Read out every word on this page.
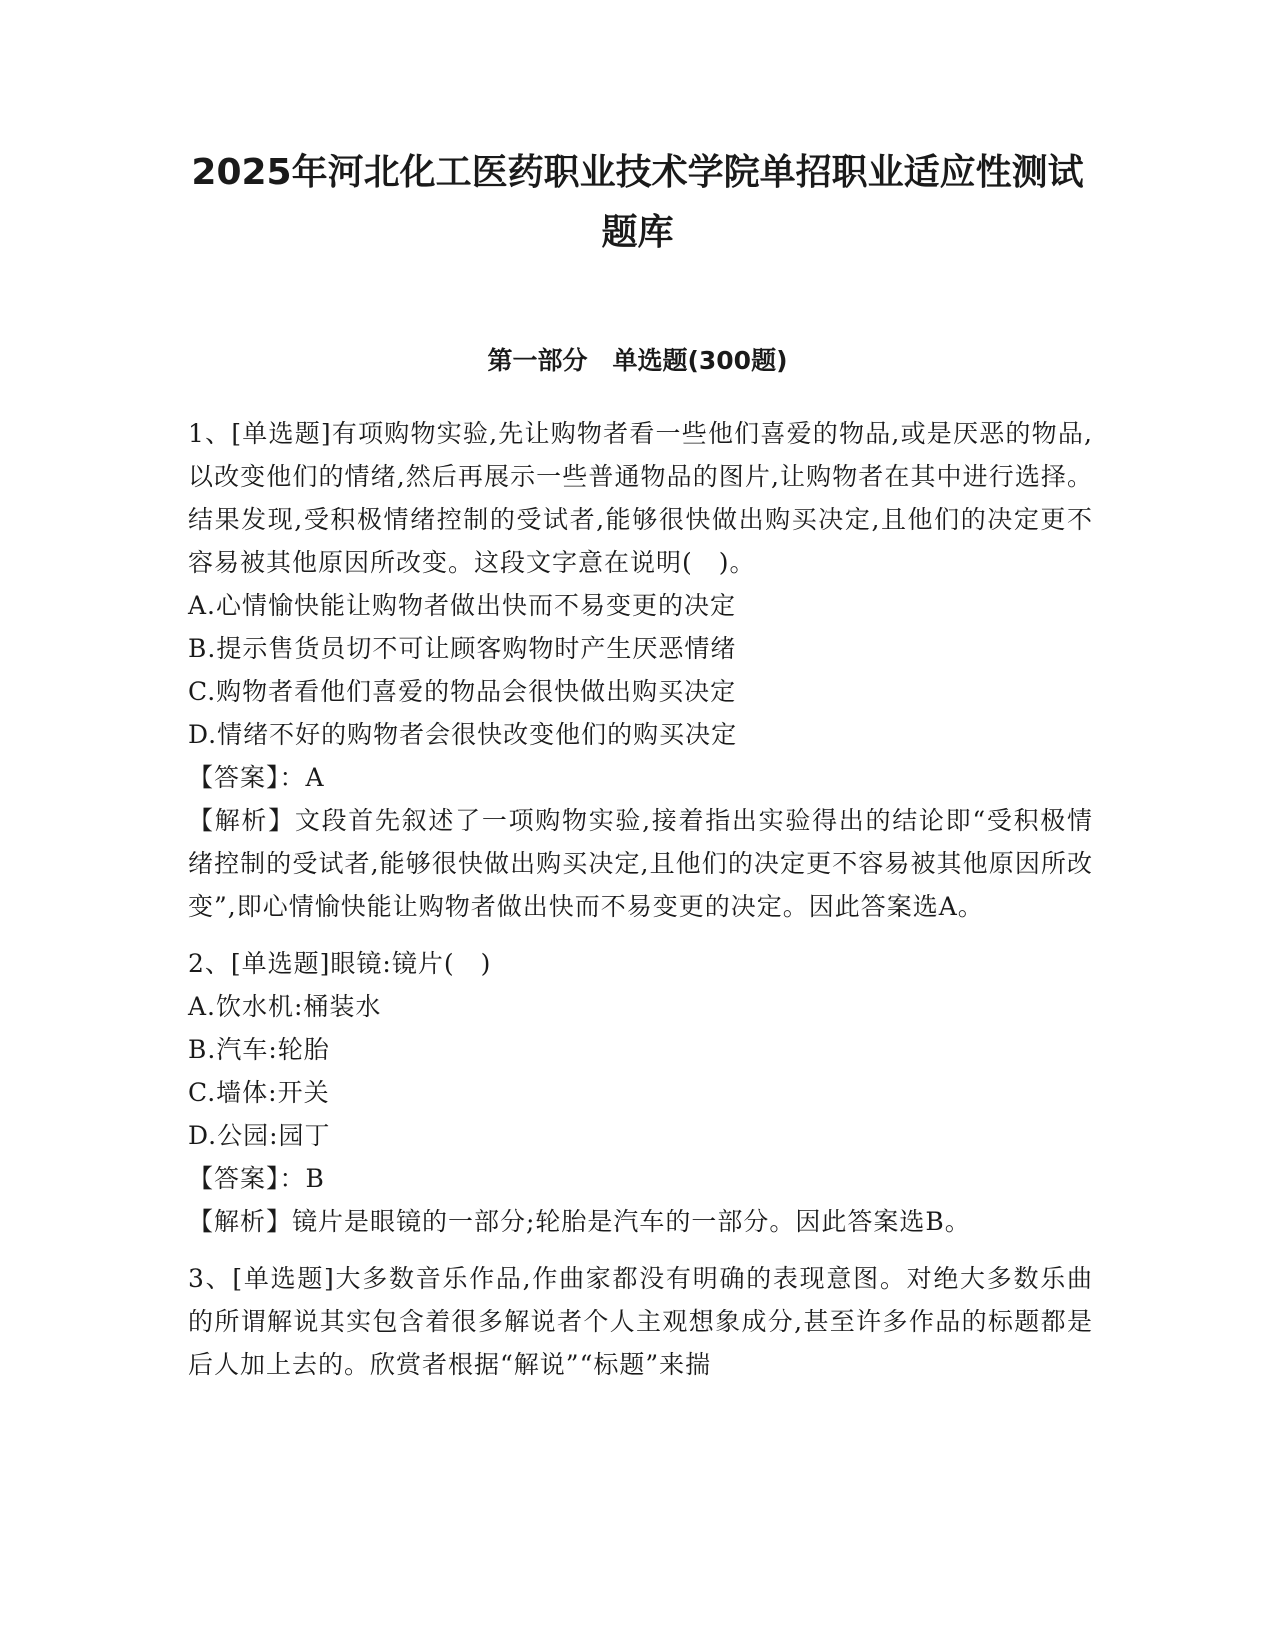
2025年河北化工医药职业技术学院单招职业适应性测试题库
第一部分　单选题(300题)

1、[单选题]有项购物实验,先让购物者看一些他们喜爱的物品,或是厌恶的物品,以改变他们的情绪,然后再展示一些普通物品的图片,让购物者在其中进行选择。结果发现,受积极情绪控制的受试者,能够很快做出购买决定,且他们的决定更不容易被其他原因所改变。这段文字意在说明(　)。

A.心情愉快能让购物者做出快而不易变更的决定

B.提示售货员切不可让顾客购物时产生厌恶情绪

C.购物者看他们喜爱的物品会很快做出购买决定

D.情绪不好的购物者会很快改变他们的购买决定

【答案】：A

【解析】文段首先叙述了一项购物实验,接着指出实验得出的结论即“受积极情绪控制的受试者,能够很快做出购买决定,且他们的决定更不容易被其他原因所改变”,即心情愉快能让购物者做出快而不易变更的决定。因此答案选A。

2、[单选题]眼镜:镜片(　)

A.饮水机:桶装水

B.汽车:轮胎

C.墙体:开关

D.公园:园丁

【答案】：B

【解析】镜片是眼镜的一部分;轮胎是汽车的一部分。因此答案选B。

3、[单选题]大多数音乐作品,作曲家都没有明确的表现意图。对绝大多数乐曲的所谓解说其实包含着很多解说者个人主观想象成分,甚至许多作品的标题都是后人加上去的。欣赏者根据“解说”“标题”来揣
